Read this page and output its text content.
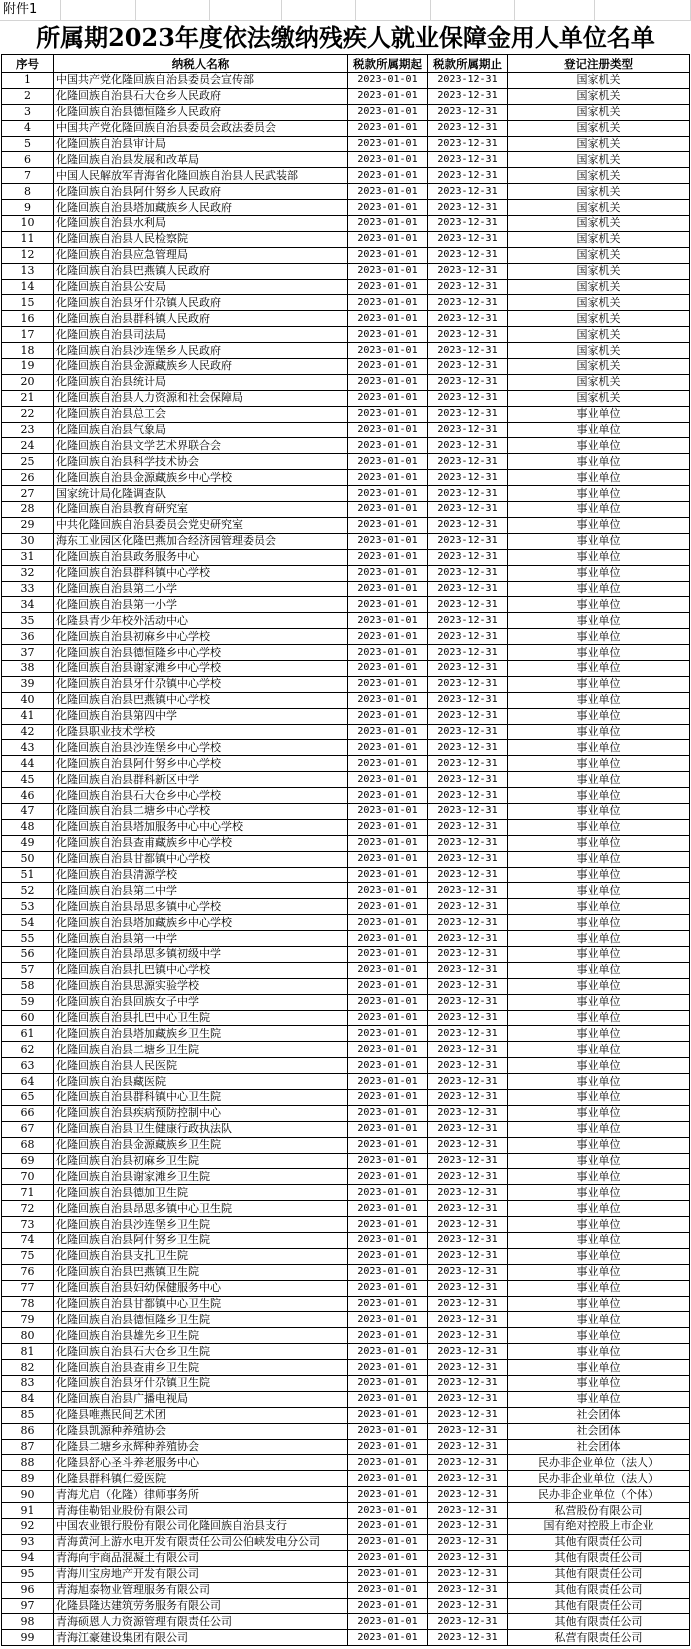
附件1
所属期2023年度依法缴纳残疾人就业保障金用人单位名单
序号	纳税人名称	税款所属期起	税款所属期止	登记注册类型
1	中国共产党化隆回族自治县委员会宣传部	2023-01-01	2023-12-31	国家机关
2	化隆回族自治县石大仓乡人民政府	2023-01-01	2023-12-31	国家机关
3	化隆回族自治县德恒隆乡人民政府	2023-01-01	2023-12-31	国家机关
4	中国共产党化隆回族自治县委员会政法委员会	2023-01-01	2023-12-31	国家机关
5	化隆回族自治县审计局	2023-01-01	2023-12-31	国家机关
6	化隆回族自治县发展和改革局	2023-01-01	2023-12-31	国家机关
7	中国人民解放军青海省化隆回族自治县人民武装部	2023-01-01	2023-12-31	国家机关
8	化隆回族自治县阿什努乡人民政府	2023-01-01	2023-12-31	国家机关
9	化隆回族自治县塔加藏族乡人民政府	2023-01-01	2023-12-31	国家机关
10	化隆回族自治县水利局	2023-01-01	2023-12-31	国家机关
11	化隆回族自治县人民检察院	2023-01-01	2023-12-31	国家机关
12	化隆回族自治县应急管理局	2023-01-01	2023-12-31	国家机关
13	化隆回族自治县巴燕镇人民政府	2023-01-01	2023-12-31	国家机关
14	化隆回族自治县公安局	2023-01-01	2023-12-31	国家机关
15	化隆回族自治县牙什尕镇人民政府	2023-01-01	2023-12-31	国家机关
16	化隆回族自治县群科镇人民政府	2023-01-01	2023-12-31	国家机关
17	化隆回族自治县司法局	2023-01-01	2023-12-31	国家机关
18	化隆回族自治县沙连堡乡人民政府	2023-01-01	2023-12-31	国家机关
19	化隆回族自治县金源藏族乡人民政府	2023-01-01	2023-12-31	国家机关
20	化隆回族自治县统计局	2023-01-01	2023-12-31	国家机关
21	化隆回族自治县人力资源和社会保障局	2023-01-01	2023-12-31	国家机关
22	化隆回族自治县总工会	2023-01-01	2023-12-31	事业单位
23	化隆回族自治县气象局	2023-01-01	2023-12-31	事业单位
24	化隆回族自治县文学艺术界联合会	2023-01-01	2023-12-31	事业单位
25	化隆回族自治县科学技术协会	2023-01-01	2023-12-31	事业单位
26	化隆回族自治县金源藏族乡中心学校	2023-01-01	2023-12-31	事业单位
27	国家统计局化隆调查队	2023-01-01	2023-12-31	事业单位
28	化隆回族自治县教育研究室	2023-01-01	2023-12-31	事业单位
29	中共化隆回族自治县委员会党史研究室	2023-01-01	2023-12-31	事业单位
30	海东工业园区化隆巴燕加合经济园管理委员会	2023-01-01	2023-12-31	事业单位
31	化隆回族自治县政务服务中心	2023-01-01	2023-12-31	事业单位
32	化隆回族自治县群科镇中心学校	2023-01-01	2023-12-31	事业单位
33	化隆回族自治县第二小学	2023-01-01	2023-12-31	事业单位
34	化隆回族自治县第一小学	2023-01-01	2023-12-31	事业单位
35	化隆县青少年校外活动中心	2023-01-01	2023-12-31	事业单位
36	化隆回族自治县初麻乡中心学校	2023-01-01	2023-12-31	事业单位
37	化隆回族自治县德恒隆乡中心学校	2023-01-01	2023-12-31	事业单位
38	化隆回族自治县谢家滩乡中心学校	2023-01-01	2023-12-31	事业单位
39	化隆回族自治县牙什尕镇中心学校	2023-01-01	2023-12-31	事业单位
40	化隆回族自治县巴燕镇中心学校	2023-01-01	2023-12-31	事业单位
41	化隆回族自治县第四中学	2023-01-01	2023-12-31	事业单位
42	化隆县职业技术学校	2023-01-01	2023-12-31	事业单位
43	化隆回族自治县沙连堡乡中心学校	2023-01-01	2023-12-31	事业单位
44	化隆回族自治县阿什努乡中心学校	2023-01-01	2023-12-31	事业单位
45	化隆回族自治县群科新区中学	2023-01-01	2023-12-31	事业单位
46	化隆回族自治县石大仓乡中心学校	2023-01-01	2023-12-31	事业单位
47	化隆回族自治县二塘乡中心学校	2023-01-01	2023-12-31	事业单位
48	化隆回族自治县塔加服务中心中心学校	2023-01-01	2023-12-31	事业单位
49	化隆回族自治县查甫藏族乡中心学校	2023-01-01	2023-12-31	事业单位
50	化隆回族自治县甘都镇中心学校	2023-01-01	2023-12-31	事业单位
51	化隆回族自治县清源学校	2023-01-01	2023-12-31	事业单位
52	化隆回族自治县第二中学	2023-01-01	2023-12-31	事业单位
53	化隆回族自治县昂思多镇中心学校	2023-01-01	2023-12-31	事业单位
54	化隆回族自治县塔加藏族乡中心学校	2023-01-01	2023-12-31	事业单位
55	化隆回族自治县第一中学	2023-01-01	2023-12-31	事业单位
56	化隆回族自治县昂思多镇初级中学	2023-01-01	2023-12-31	事业单位
57	化隆回族自治县扎巴镇中心学校	2023-01-01	2023-12-31	事业单位
58	化隆回族自治县思源实验学校	2023-01-01	2023-12-31	事业单位
59	化隆回族自治县回族女子中学	2023-01-01	2023-12-31	事业单位
60	化隆回族自治县扎巴中心卫生院	2023-01-01	2023-12-31	事业单位
61	化隆回族自治县塔加藏族乡卫生院	2023-01-01	2023-12-31	事业单位
62	化隆回族自治县二塘乡卫生院	2023-01-01	2023-12-31	事业单位
63	化隆回族自治县人民医院	2023-01-01	2023-12-31	事业单位
64	化隆回族自治县藏医院	2023-01-01	2023-12-31	事业单位
65	化隆回族自治县群科镇中心卫生院	2023-01-01	2023-12-31	事业单位
66	化隆回族自治县疾病预防控制中心	2023-01-01	2023-12-31	事业单位
67	化隆回族自治县卫生健康行政执法队	2023-01-01	2023-12-31	事业单位
68	化隆回族自治县金源藏族乡卫生院	2023-01-01	2023-12-31	事业单位
69	化隆回族自治县初麻乡卫生院	2023-01-01	2023-12-31	事业单位
70	化隆回族自治县谢家滩乡卫生院	2023-01-01	2023-12-31	事业单位
71	化隆回族自治县德加卫生院	2023-01-01	2023-12-31	事业单位
72	化隆回族自治县昂思多镇中心卫生院	2023-01-01	2023-12-31	事业单位
73	化隆回族自治县沙连堡乡卫生院	2023-01-01	2023-12-31	事业单位
74	化隆回族自治县阿什努乡卫生院	2023-01-01	2023-12-31	事业单位
75	化隆回族自治县支扎卫生院	2023-01-01	2023-12-31	事业单位
76	化隆回族自治县巴燕镇卫生院	2023-01-01	2023-12-31	事业单位
77	化隆回族自治县妇幼保健服务中心	2023-01-01	2023-12-31	事业单位
78	化隆回族自治县甘都镇中心卫生院	2023-01-01	2023-12-31	事业单位
79	化隆回族自治县德恒隆乡卫生院	2023-01-01	2023-12-31	事业单位
80	化隆回族自治县雄先乡卫生院	2023-01-01	2023-12-31	事业单位
81	化隆回族自治县石大仓乡卫生院	2023-01-01	2023-12-31	事业单位
82	化隆回族自治县查甫乡卫生院	2023-01-01	2023-12-31	事业单位
83	化隆回族自治县牙什尕镇卫生院	2023-01-01	2023-12-31	事业单位
84	化隆回族自治县广播电视局	2023-01-01	2023-12-31	事业单位
85	化隆县唯燕民间艺术团	2023-01-01	2023-12-31	社会团体
86	化隆县凯源种养殖协会	2023-01-01	2023-12-31	社会团体
87	化隆县二塘乡永辉种养殖协会	2023-01-01	2023-12-31	社会团体
88	化隆县舒心圣斗养老服务中心	2023-01-01	2023-12-31	民办非企业单位（法人）
89	化隆县群科镇仁爱医院	2023-01-01	2023-12-31	民办非企业单位（法人）
90	青海尤启（化隆）律师事务所	2023-01-01	2023-12-31	民办非企业单位（个体）
91	青海佳勒铝业股份有限公司	2023-01-01	2023-12-31	私营股份有限公司
92	中国农业银行股份有限公司化隆回族自治县支行	2023-01-01	2023-12-31	国有绝对控股上市企业
93	青海黄河上游水电开发有限责任公司公伯峡发电分公司	2023-01-01	2023-12-31	其他有限责任公司
94	青海向宇商品混凝土有限公司	2023-01-01	2023-12-31	其他有限责任公司
95	青海川宝房地产开发有限公司	2023-01-01	2023-12-31	其他有限责任公司
96	青海旭泰物业管理服务有限公司	2023-01-01	2023-12-31	其他有限责任公司
97	化隆县隆达建筑劳务服务有限公司	2023-01-01	2023-12-31	其他有限责任公司
98	青海硕恩人力资源管理有限责任公司	2023-01-01	2023-12-31	其他有限责任公司
99	青海江豪建设集团有限公司	2023-01-01	2023-12-31	私营有限责任公司
